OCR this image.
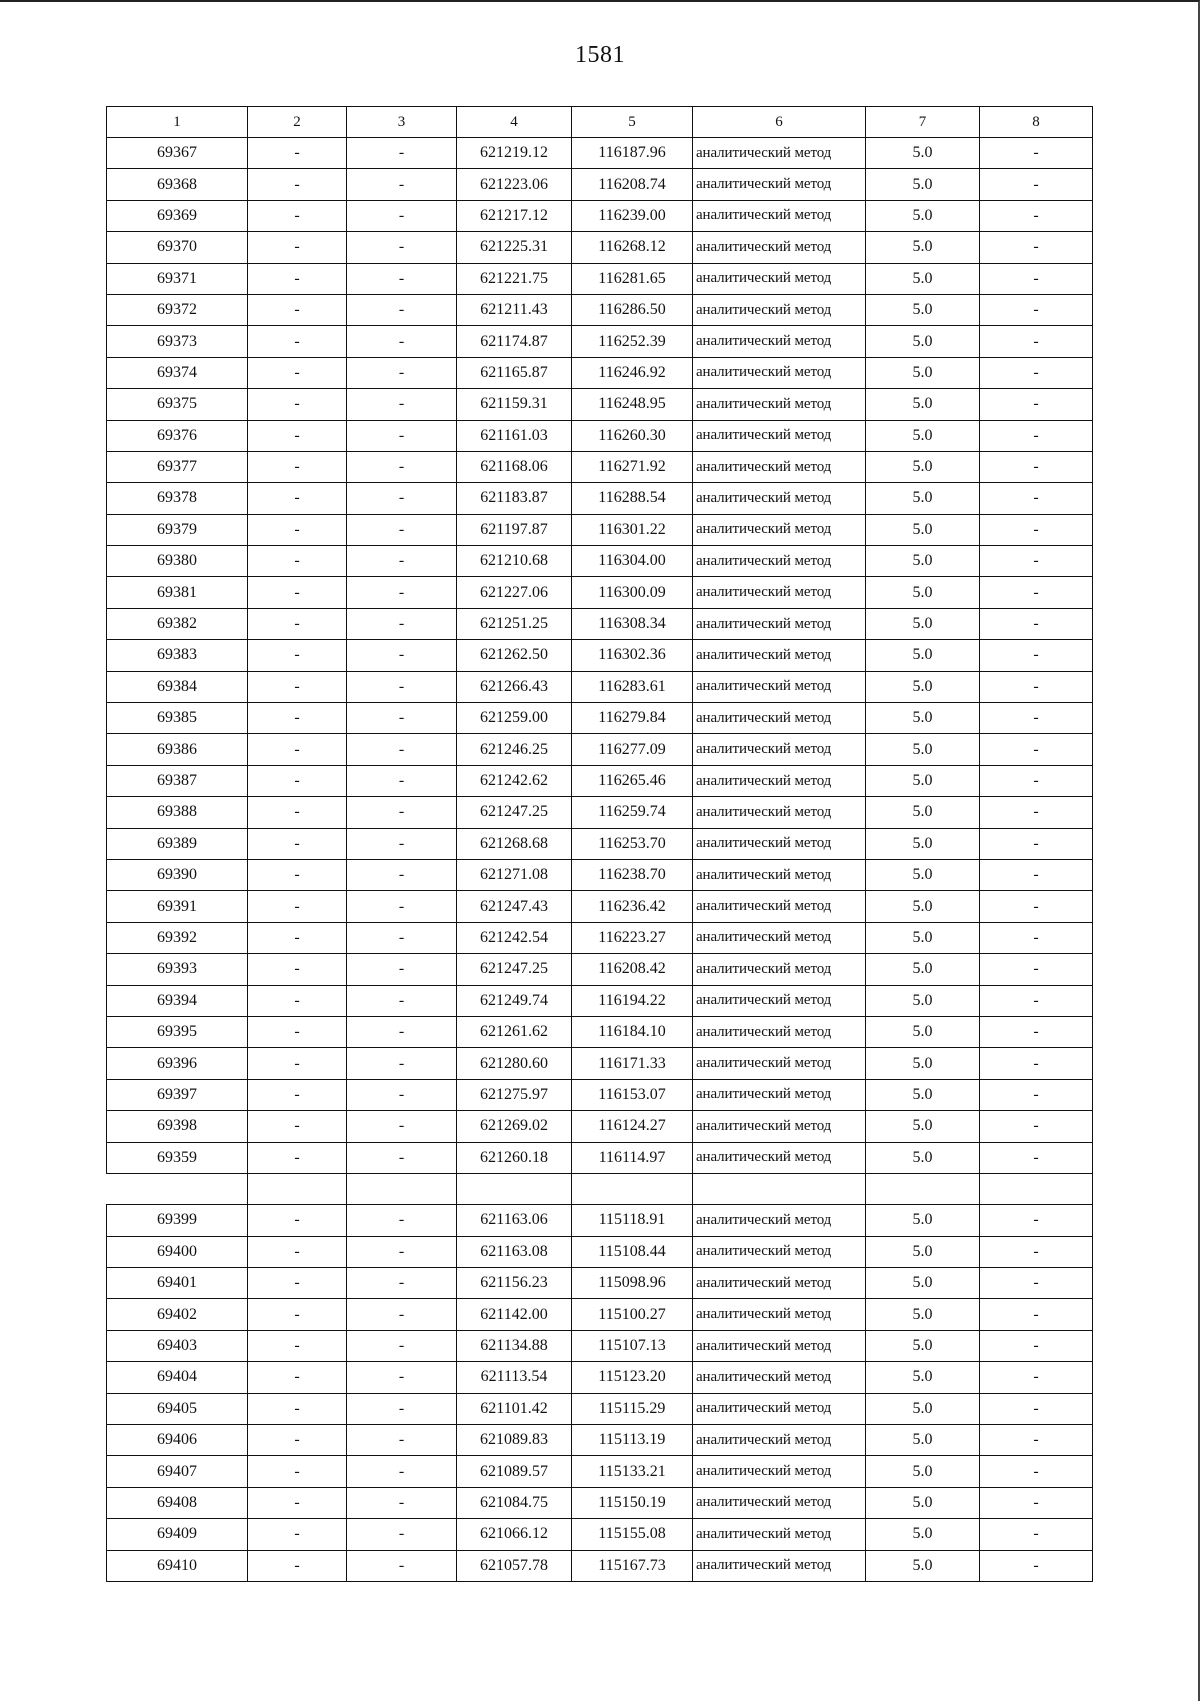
1581
1	2	3	4	5	6	7	8
69367	-	-	621219.12	116187.96	аналитический метод	5.0	-
69368	-	-	621223.06	116208.74	аналитический метод	5.0	-
69369	-	-	621217.12	116239.00	аналитический метод	5.0	-
69370	-	-	621225.31	116268.12	аналитический метод	5.0	-
69371	-	-	621221.75	116281.65	аналитический метод	5.0	-
69372	-	-	621211.43	116286.50	аналитический метод	5.0	-
69373	-	-	621174.87	116252.39	аналитический метод	5.0	-
69374	-	-	621165.87	116246.92	аналитический метод	5.0	-
69375	-	-	621159.31	116248.95	аналитический метод	5.0	-
69376	-	-	621161.03	116260.30	аналитический метод	5.0	-
69377	-	-	621168.06	116271.92	аналитический метод	5.0	-
69378	-	-	621183.87	116288.54	аналитический метод	5.0	-
69379	-	-	621197.87	116301.22	аналитический метод	5.0	-
69380	-	-	621210.68	116304.00	аналитический метод	5.0	-
69381	-	-	621227.06	116300.09	аналитический метод	5.0	-
69382	-	-	621251.25	116308.34	аналитический метод	5.0	-
69383	-	-	621262.50	116302.36	аналитический метод	5.0	-
69384	-	-	621266.43	116283.61	аналитический метод	5.0	-
69385	-	-	621259.00	116279.84	аналитический метод	5.0	-
69386	-	-	621246.25	116277.09	аналитический метод	5.0	-
69387	-	-	621242.62	116265.46	аналитический метод	5.0	-
69388	-	-	621247.25	116259.74	аналитический метод	5.0	-
69389	-	-	621268.68	116253.70	аналитический метод	5.0	-
69390	-	-	621271.08	116238.70	аналитический метод	5.0	-
69391	-	-	621247.43	116236.42	аналитический метод	5.0	-
69392	-	-	621242.54	116223.27	аналитический метод	5.0	-
69393	-	-	621247.25	116208.42	аналитический метод	5.0	-
69394	-	-	621249.74	116194.22	аналитический метод	5.0	-
69395	-	-	621261.62	116184.10	аналитический метод	5.0	-
69396	-	-	621280.60	116171.33	аналитический метод	5.0	-
69397	-	-	621275.97	116153.07	аналитический метод	5.0	-
69398	-	-	621269.02	116124.27	аналитический метод	5.0	-
69359	-	-	621260.18	116114.97	аналитический метод	5.0	-

69399	-	-	621163.06	115118.91	аналитический метод	5.0	-
69400	-	-	621163.08	115108.44	аналитический метод	5.0	-
69401	-	-	621156.23	115098.96	аналитический метод	5.0	-
69402	-	-	621142.00	115100.27	аналитический метод	5.0	-
69403	-	-	621134.88	115107.13	аналитический метод	5.0	-
69404	-	-	621113.54	115123.20	аналитический метод	5.0	-
69405	-	-	621101.42	115115.29	аналитический метод	5.0	-
69406	-	-	621089.83	115113.19	аналитический метод	5.0	-
69407	-	-	621089.57	115133.21	аналитический метод	5.0	-
69408	-	-	621084.75	115150.19	аналитический метод	5.0	-
69409	-	-	621066.12	115155.08	аналитический метод	5.0	-
69410	-	-	621057.78	115167.73	аналитический метод	5.0	-
